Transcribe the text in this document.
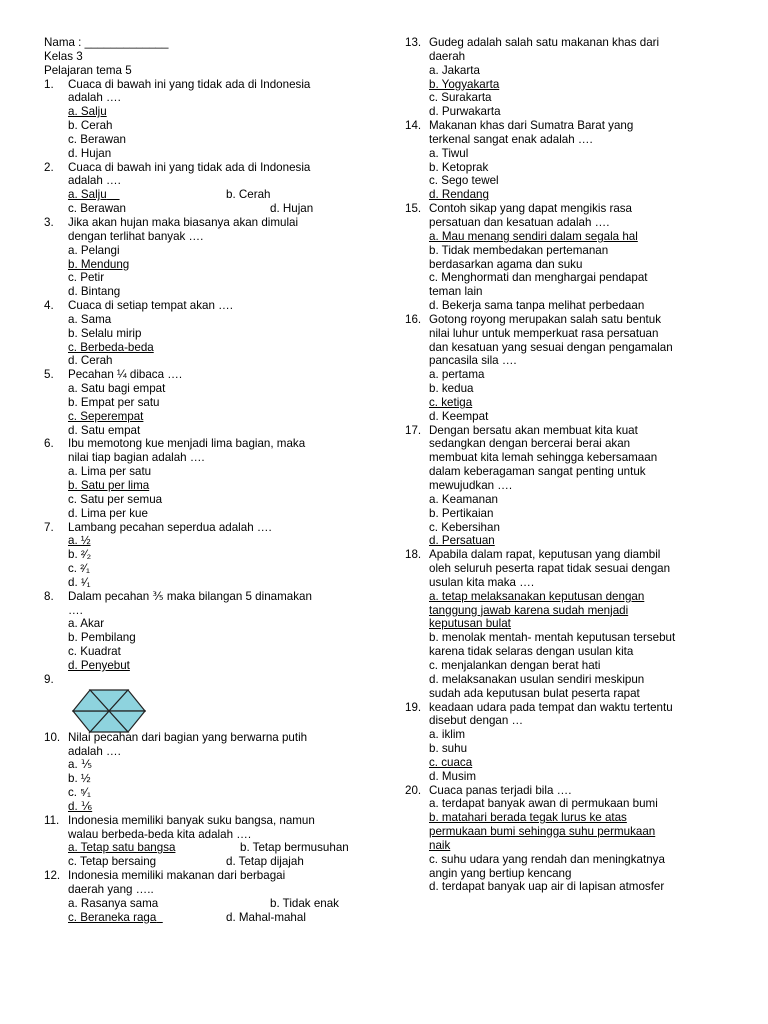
Nama : _____________
Kelas 3
Pelajaran tema 5
1. Cuaca di bawah ini yang tidak ada di Indonesia
adalah ….
a. Salju
b. Cerah
c. Berawan
d. Hujan
2. Cuaca di bawah ini yang tidak ada di Indonesia
adalah ….
a. Salju	b. Cerah
c. Berawan	d. Hujan
3. Jika akan hujan maka biasanya akan dimulai
dengan terlihat banyak ….
a. Pelangi
b. Mendung
c. Petir
d. Bintang
4. Cuaca di setiap tempat akan ….
a. Sama
b. Selalu mirip
c. Berbeda-beda
d. Cerah
5. Pecahan ¼ dibaca ….
a. Satu bagi empat
b. Empat per satu
c. Seperempat
d. Satu empat
6. Ibu memotong kue menjadi lima bagian, maka
nilai tiap bagian adalah ….
a. Lima per satu
b. Satu per lima
c. Satu per semua
d. Lima per kue
7. Lambang pecahan seperdua adalah ….
a. ½
b. ²⁄₂
c. ²⁄₁
d. ¹⁄₁
8. Dalam pecahan ⅗ maka bilangan 5 dinamakan
….
a. Akar
b. Pembilang
c. Kuadrat
d. Penyebut
9.
10. Nilai pecahan dari bagian yang berwarna putih
adalah ….
a. ⅕
b. ½
c. ⁵⁄₁
d. ⅙
11. Indonesia memiliki banyak suku bangsa, namun
walau berbeda-beda kita adalah ….
a. Tetap satu bangsa	b. Tetap bermusuhan
c. Tetap bersaing	d. Tetap dijajah
12. Indonesia memiliki makanan dari berbagai
daerah yang …..
a. Rasanya sama	b. Tidak enak
c. Beraneka raga	d. Mahal-mahal
13. Gudeg adalah salah satu makanan khas dari
daerah
a. Jakarta
b. Yogyakarta
c. Surakarta
d. Purwakarta
14. Makanan khas dari Sumatra Barat yang
terkenal sangat enak adalah ….
a. Tiwul
b. Ketoprak
c. Sego tewel
d. Rendang
15. Contoh sikap yang dapat mengikis rasa
persatuan dan kesatuan adalah ….
a. Mau menang sendiri dalam segala hal
b. Tidak membedakan pertemanan
berdasarkan agama dan suku
c. Menghormati dan menghargai pendapat
teman lain
d. Bekerja sama tanpa melihat perbedaan
16. Gotong royong merupakan salah satu bentuk
nilai luhur untuk memperkuat rasa persatuan
dan kesatuan yang sesuai dengan pengamalan
pancasila sila ….
a. pertama
b. kedua
c. ketiga
d. Keempat
17. Dengan bersatu akan membuat kita kuat
sedangkan dengan bercerai berai akan
membuat kita lemah sehingga kebersamaan
dalam keberagaman sangat penting untuk
mewujudkan ….
a. Keamanan
b. Pertikaian
c. Kebersihan
d. Persatuan
18. Apabila dalam rapat, keputusan yang diambil
oleh seluruh peserta rapat tidak sesuai dengan
usulan kita maka ….
a. tetap melaksanakan keputusan dengan
tanggung jawab karena sudah menjadi
keputusan bulat
b. menolak mentah- mentah keputusan tersebut
karena tidak selaras dengan usulan kita
c. menjalankan dengan berat hati
d. melaksanakan usulan sendiri meskipun
sudah ada keputusan bulat peserta rapat
19. keadaan udara pada tempat dan waktu tertentu
disebut dengan …
a. iklim
b. suhu
c. cuaca
d. Musim
20. Cuaca panas terjadi bila ….
a. terdapat banyak awan di permukaan bumi
b. matahari berada tegak lurus ke atas
permukaan bumi sehingga suhu permukaan
naik
c. suhu udara yang rendah dan meningkatnya
angin yang bertiup kencang
d. terdapat banyak uap air di lapisan atmosfer
